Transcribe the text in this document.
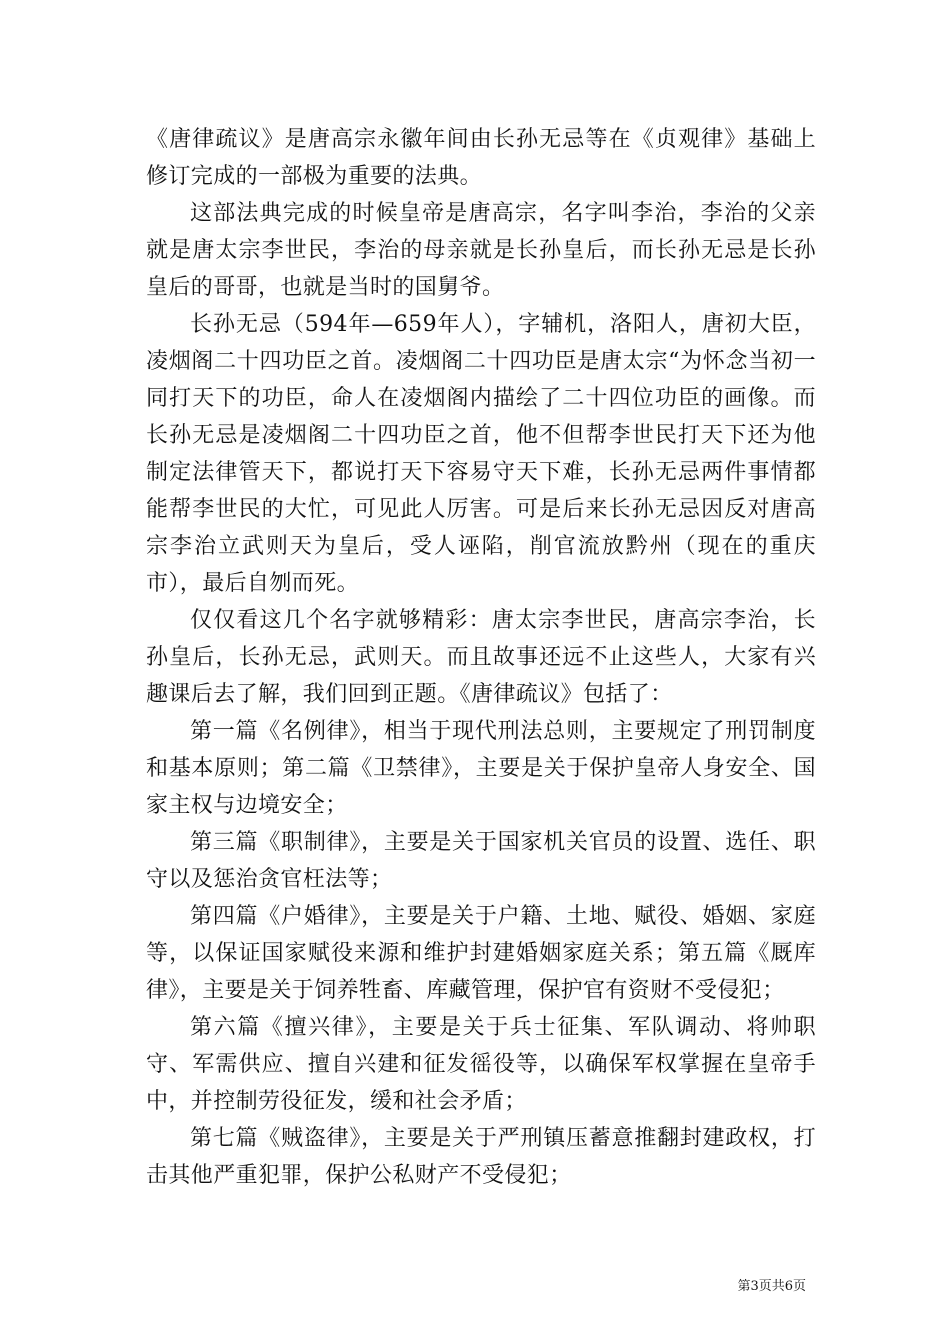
《唐律疏议》是唐高宗永徽年间由长孙无忌等在《贞观律》基础上修订完成的一部极为重要的法典。

这部法典完成的时候皇帝是唐高宗，名字叫李治，李治的父亲就是唐太宗李世民，李治的母亲就是长孙皇后，而长孙无忌是长孙皇后的哥哥，也就是当时的国舅爷。

长孙无忌（594年—659年人），字辅机，洛阳人，唐初大臣，凌烟阁二十四功臣之首。凌烟阁二十四功臣是唐太宗“为怀念当初一同打天下的功臣，命人在凌烟阁内描绘了二十四位功臣的画像。而长孙无忌是凌烟阁二十四功臣之首，他不但帮李世民打天下还为他制定法律管天下，都说打天下容易守天下难，长孙无忌两件事情都能帮李世民的大忙，可见此人厉害。可是后来长孙无忌因反对唐高宗李治立武则天为皇后，受人诬陷，削官流放黔州（现在的重庆市），最后自刎而死。

仅仅看这几个名字就够精彩：唐太宗李世民，唐高宗李治，长孙皇后，长孙无忌，武则天。而且故事还远不止这些人，大家有兴趣课后去了解，我们回到正题。《唐律疏议》包括了：

第一篇《名例律》，相当于现代刑法总则，主要规定了刑罚制度和基本原则；第二篇《卫禁律》，主要是关于保护皇帝人身安全、国家主权与边境安全；

第三篇《职制律》，主要是关于国家机关官员的设置、选任、职守以及惩治贪官枉法等；

第四篇《户婚律》，主要是关于户籍、土地、赋役、婚姻、家庭等，以保证国家赋役来源和维护封建婚姻家庭关系；第五篇《厩库律》，主要是关于饲养牲畜、库藏管理，保护官有资财不受侵犯；

第六篇《擅兴律》，主要是关于兵士征集、军队调动、将帅职守、军需供应、擅自兴建和征发徭役等，以确保军权掌握在皇帝手中，并控制劳役征发，缓和社会矛盾；

第七篇《贼盗律》，主要是关于严刑镇压蓄意推翻封建政权，打击其他严重犯罪，保护公私财产不受侵犯；

第3页共6页
